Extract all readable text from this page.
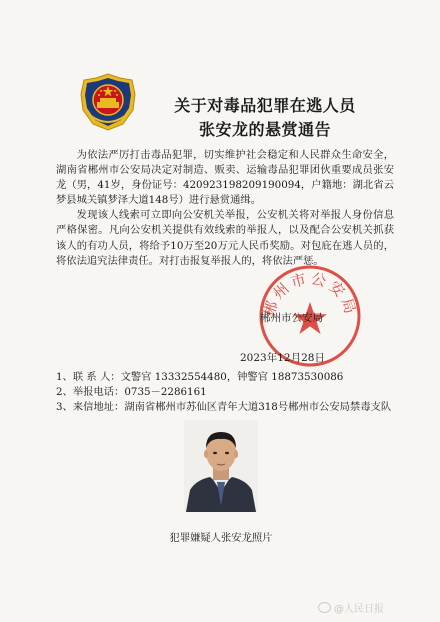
关于对毒品犯罪在逃人员
张安龙的悬赏通告

为依法严厉打击毒品犯罪，切实维护社会稳定和人民群众生命安全，湖南省郴州市公安局决定对制造、贩卖、运输毒品犯罪团伙重要成员张安龙（男，41岁，身份证号：420923198209190094，户籍地：湖北省云梦县城关镇梦泽大道148号）进行悬赏通缉。

发现该人线索可立即向公安机关举报，公安机关将对举报人身份信息严格保密。凡向公安机关提供有效线索的举报人，以及配合公安机关抓获该人的有功人员，将给予10万至20万元人民币奖励。对包庇在逃人员的，将依法追究法律责任。对打击报复举报人的，将依法严惩。

郴州市公安局
郴州市公安局
2023年12月28日
1、联 系 人： 文警官 13332554480，钟警官 18873530086
2、举报电话： 0735－2286161
3、来信地址： 湖南省郴州市苏仙区青年大道318号郴州市公安局禁毒支队
犯罪嫌疑人张安龙照片
@人民日报
